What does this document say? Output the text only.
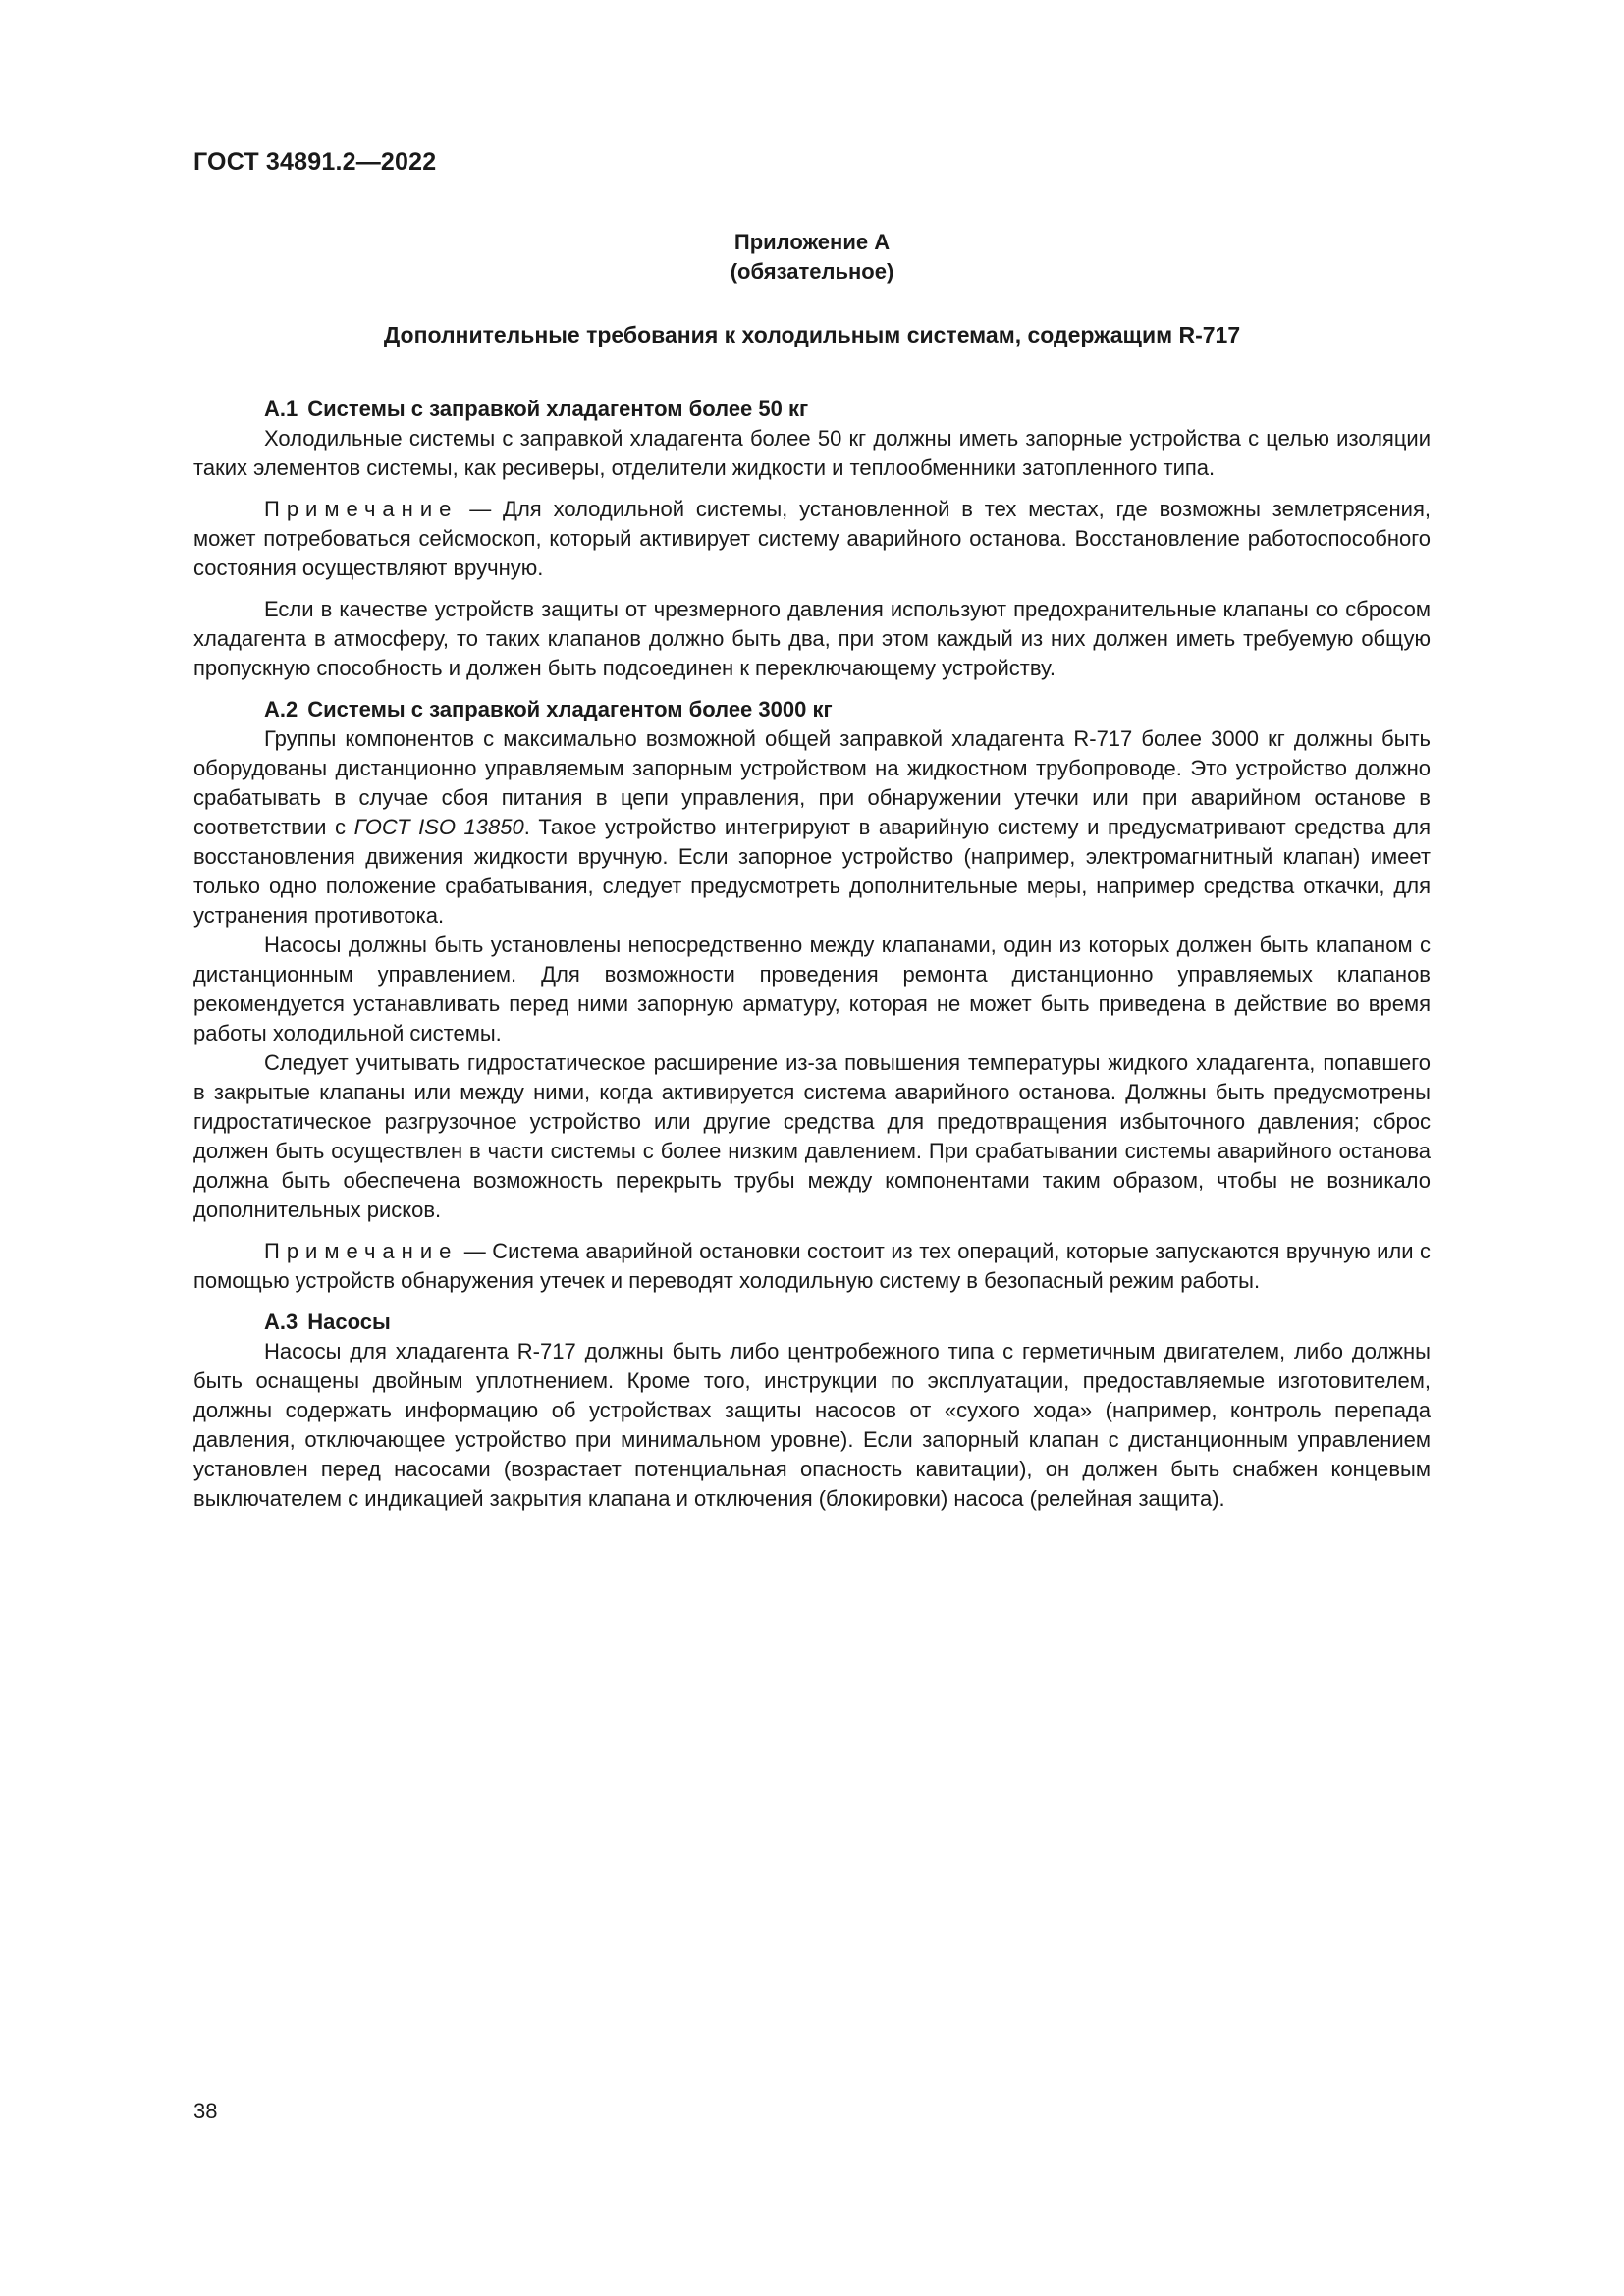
ГОСТ 34891.2—2022
Приложение А
(обязательное)
Дополнительные требования к холодильным системам, содержащим R-717

А.1 Системы с заправкой хладагентом более 50 кг

Холодильные системы с заправкой хладагента более 50 кг должны иметь запорные устройства с целью изоляции таких элементов системы, как ресиверы, отделители жидкости и теплообменники затопленного типа.

Примечание — Для холодильной системы, установленной в тех местах, где возможны землетрясения, может потребоваться сейсмоскоп, который активирует систему аварийного останова. Восстановление работоспособного состояния осуществляют вручную.

Если в качестве устройств защиты от чрезмерного давления используют предохранительные клапаны со сбросом хладагента в атмосферу, то таких клапанов должно быть два, при этом каждый из них должен иметь требуемую общую пропускную способность и должен быть подсоединен к переключающему устройству.

А.2 Системы с заправкой хладагентом более 3000 кг

Группы компонентов с максимально возможной общей заправкой хладагента R-717 более 3000 кг должны быть оборудованы дистанционно управляемым запорным устройством на жидкостном трубопроводе. Это устройство должно срабатывать в случае сбоя питания в цепи управления, при обнаружении утечки или при аварийном останове в соответствии с ГОСТ ISO 13850. Такое устройство интегрируют в аварийную систему и предусматривают средства для восстановления движения жидкости вручную. Если запорное устройство (например, электромагнитный клапан) имеет только одно положение срабатывания, следует предусмотреть дополнительные меры, например средства откачки, для устранения противотока.

Насосы должны быть установлены непосредственно между клапанами, один из которых должен быть клапаном с дистанционным управлением. Для возможности проведения ремонта дистанционно управляемых клапанов рекомендуется устанавливать перед ними запорную арматуру, которая не может быть приведена в действие во время работы холодильной системы.

Следует учитывать гидростатическое расширение из-за повышения температуры жидкого хладагента, попавшего в закрытые клапаны или между ними, когда активируется система аварийного останова. Должны быть предусмотрены гидростатическое разгрузочное устройство или другие средства для предотвращения избыточного давления; сброс должен быть осуществлен в части системы с более низким давлением. При срабатывании системы аварийного останова должна быть обеспечена возможность перекрыть трубы между компонентами таким образом, чтобы не возникало дополнительных рисков.

Примечание — Система аварийной остановки состоит из тех операций, которые запускаются вручную или с помощью устройств обнаружения утечек и переводят холодильную систему в безопасный режим работы.

А.3 Насосы

Насосы для хладагента R-717 должны быть либо центробежного типа с герметичным двигателем, либо должны быть оснащены двойным уплотнением. Кроме того, инструкции по эксплуатации, предоставляемые изготовителем, должны содержать информацию об устройствах защиты насосов от «сухого хода» (например, контроль перепада давления, отключающее устройство при минимальном уровне). Если запорный клапан с дистанционным управлением установлен перед насосами (возрастает потенциальная опасность кавитации), он должен быть снабжен концевым выключателем с индикацией закрытия клапана и отключения (блокировки) насоса (релейная защита).

38
